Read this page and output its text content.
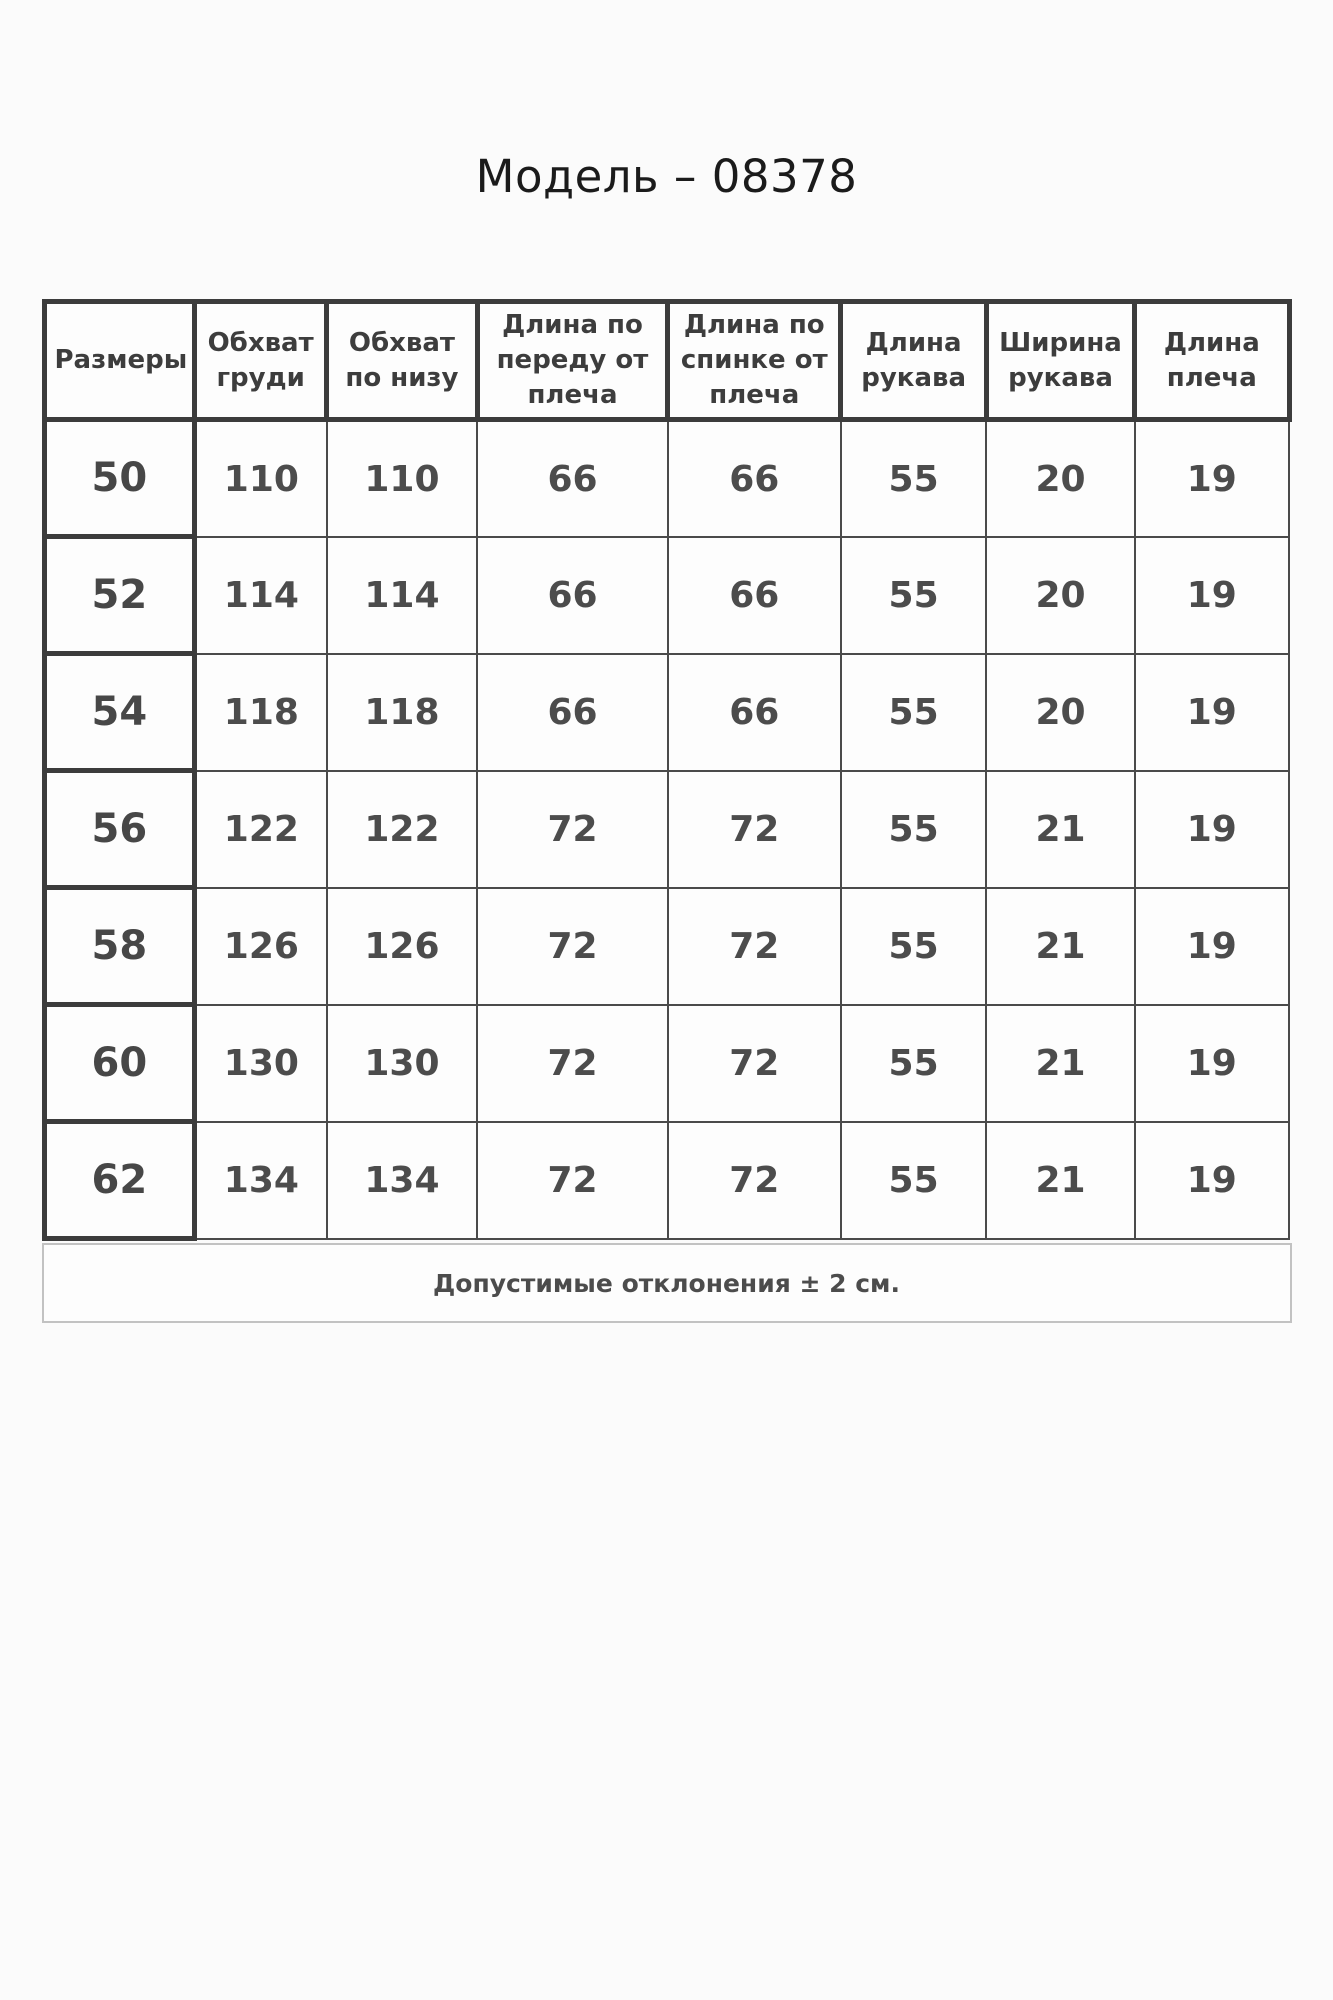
Модель – 08378
Размеры	Обхват груди	Обхват по низу	Длина по переду от плеча	Длина по спинке от плеча	Длина рукава	Ширина рукава	Длина плеча
50	110	110	66	66	55	20	19
52	114	114	66	66	55	20	19
54	118	118	66	66	55	20	19
56	122	122	72	72	55	21	19
58	126	126	72	72	55	21	19
60	130	130	72	72	55	21	19
62	134	134	72	72	55	21	19
Допустимые отклонения ± 2 см.
